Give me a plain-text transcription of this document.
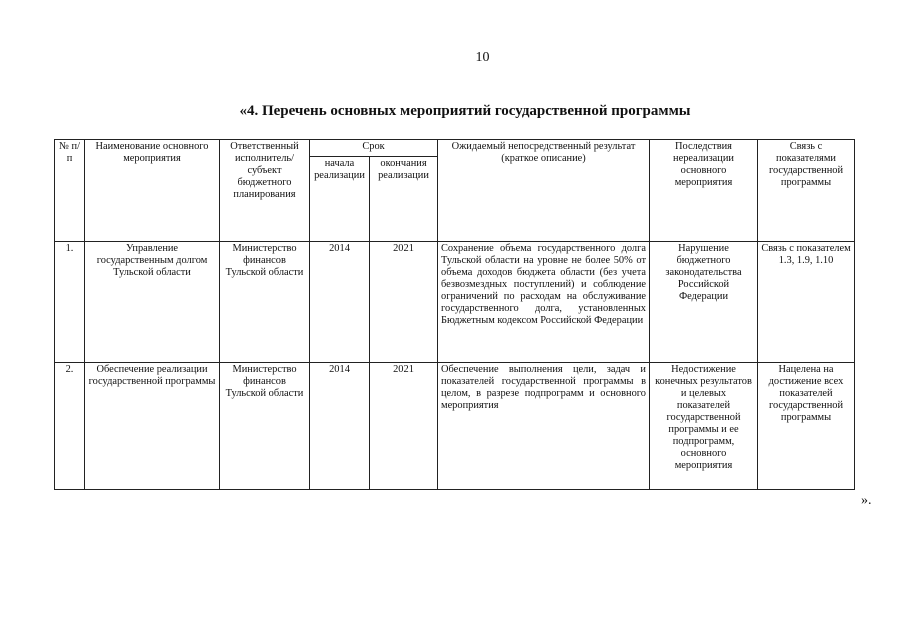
10
«4. Перечень основных мероприятий государственной программы
№ п/п	Наименование основного мероприятия	Ответственный исполнитель/ субъект бюджетного планирования	Срок		Ожидаемый непосредственный результат (краткое описание)	Последствия нереализации основного мероприятия	Связь с показателями государственной программы
			начала реализации	окончания реализации			
1.	Управление государственным долгом Тульской области	Министерство финансов Тульской области	2014	2021	Сохранение объема государственного долга Тульской области на уровне не более 50% от объема доходов бюджета области (без учета безвозмездных поступлений) и соблюдение ограничений по расходам на обслуживание государственного долга, установленных Бюджетным кодексом Российской Федерации	Нарушение бюджетного законодательства Российской Федерации	Связь с показателем 1.3, 1.9, 1.10
2.	Обеспечение реализации государственной программы	Министерство финансов Тульской области	2014	2021	Обеспечение выполнения цели, задач и показателей государственной программы в целом, в разрезе подпрограмм и основного мероприятия	Недостижение конечных результатов и целевых показателей государственной программы и ее подпрограмм, основного мероприятия	Нацелена на достижение всех показателей государственной программы
».
